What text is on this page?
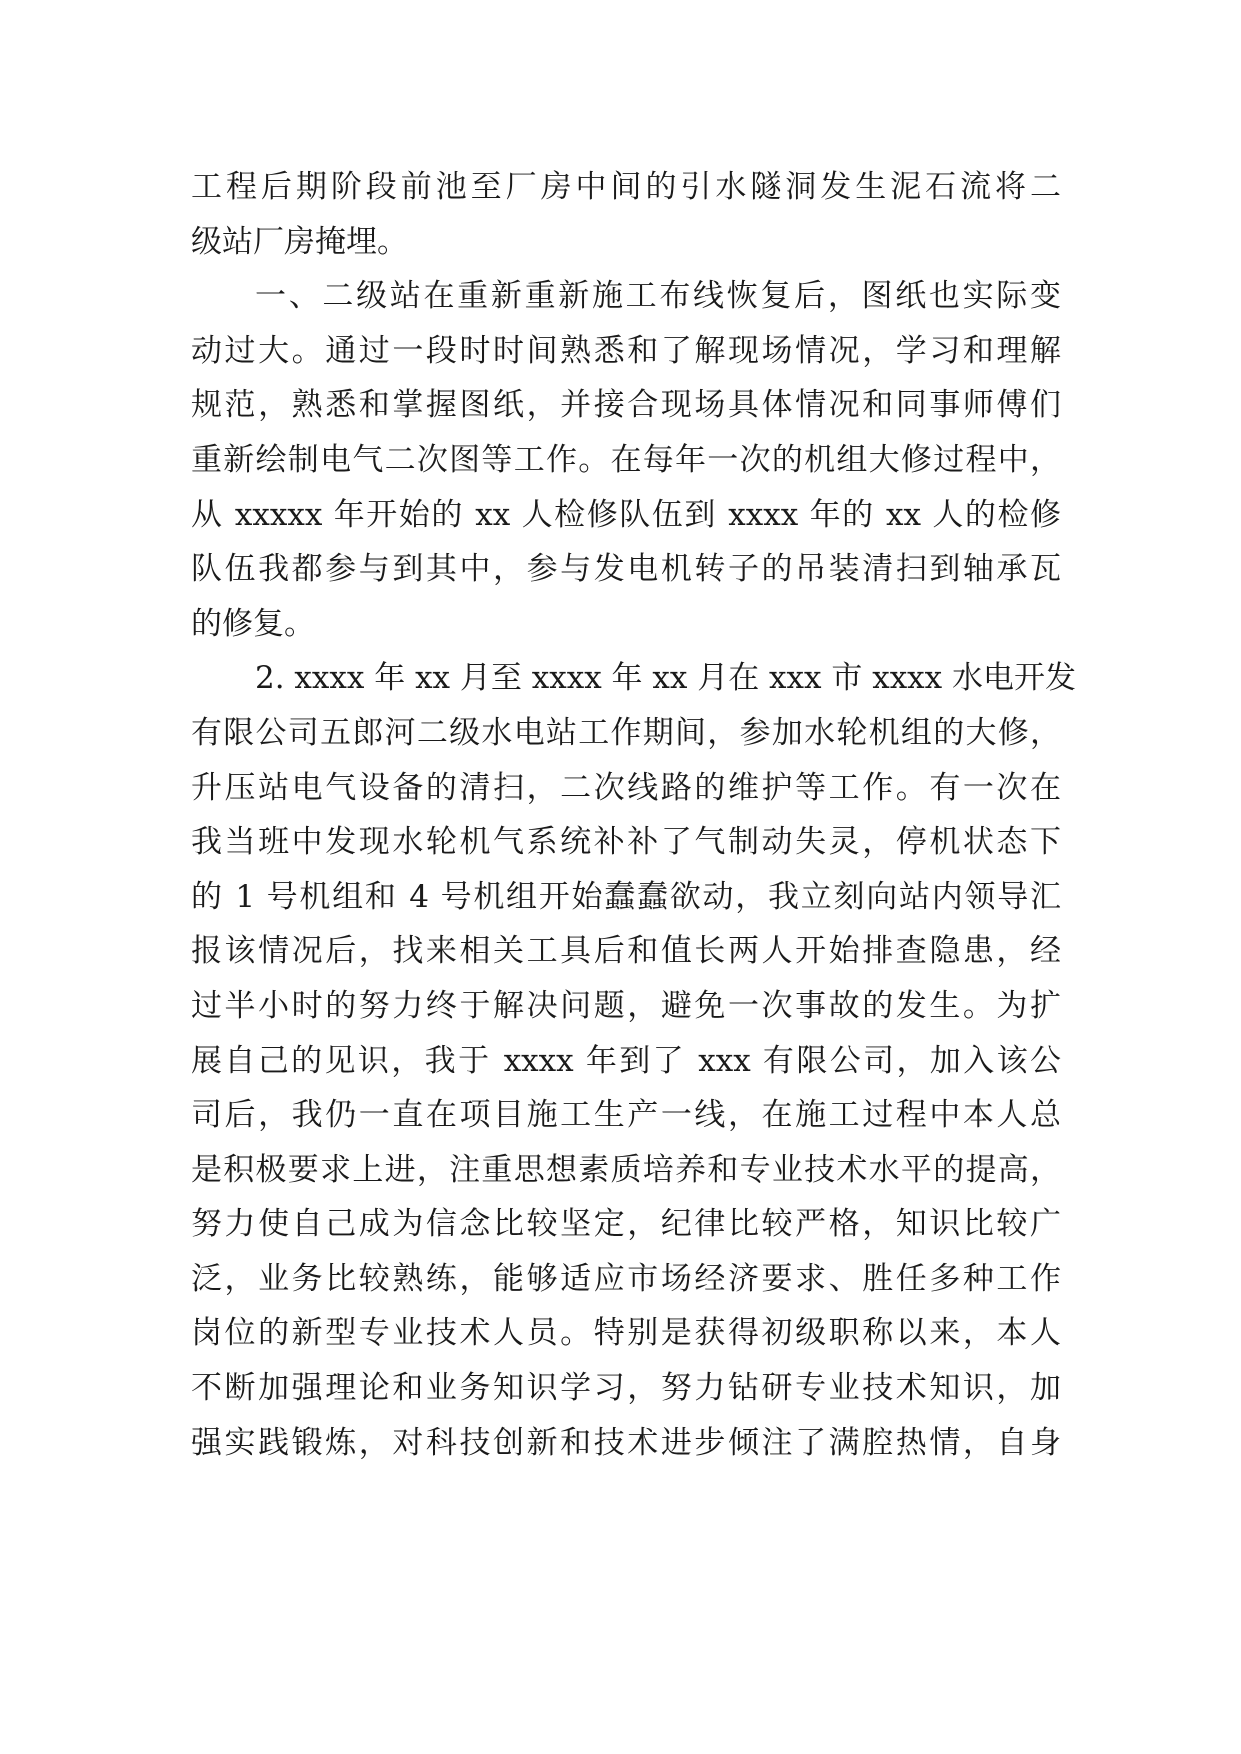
工程后期阶段前池至厂房中间的引水隧洞发生泥石流将二
级站厂房掩埋。
一、二级站在重新重新施工布线恢复后，图纸也实际变
动过大。通过一段时时间熟悉和了解现场情况，学习和理解
规范，熟悉和掌握图纸，并接合现场具体情况和同事师傅们
重新绘制电气二次图等工作。在每年一次的机组大修过程中，
从 xxxxx 年开始的 xx 人检修队伍到 xxxx 年的 xx 人的检修
队伍我都参与到其中，参与发电机转子的吊装清扫到轴承瓦
的修复。
2. xxxx 年 xx 月至 xxxx 年 xx 月在 xxx 市 xxxx 水电开发
有限公司五郎河二级水电站工作期间，参加水轮机组的大修，
升压站电气设备的清扫，二次线路的维护等工作。有一次在
我当班中发现水轮机气系统补补了气制动失灵，停机状态下
的 1 号机组和 4 号机组开始蠢蠢欲动，我立刻向站内领导汇
报该情况后，找来相关工具后和值长两人开始排查隐患，经
过半小时的努力终于解决问题，避免一次事故的发生。为扩
展自己的见识，我于 xxxx 年到了 xxx 有限公司，加入该公
司后，我仍一直在项目施工生产一线，在施工过程中本人总
是积极要求上进，注重思想素质培养和专业技术水平的提高，
努力使自己成为信念比较坚定，纪律比较严格，知识比较广
泛，业务比较熟练，能够适应市场经济要求、胜任多种工作
岗位的新型专业技术人员。特别是获得初级职称以来，本人
不断加强理论和业务知识学习，努力钻研专业技术知识，加
强实践锻炼，对科技创新和技术进步倾注了满腔热情，自身
